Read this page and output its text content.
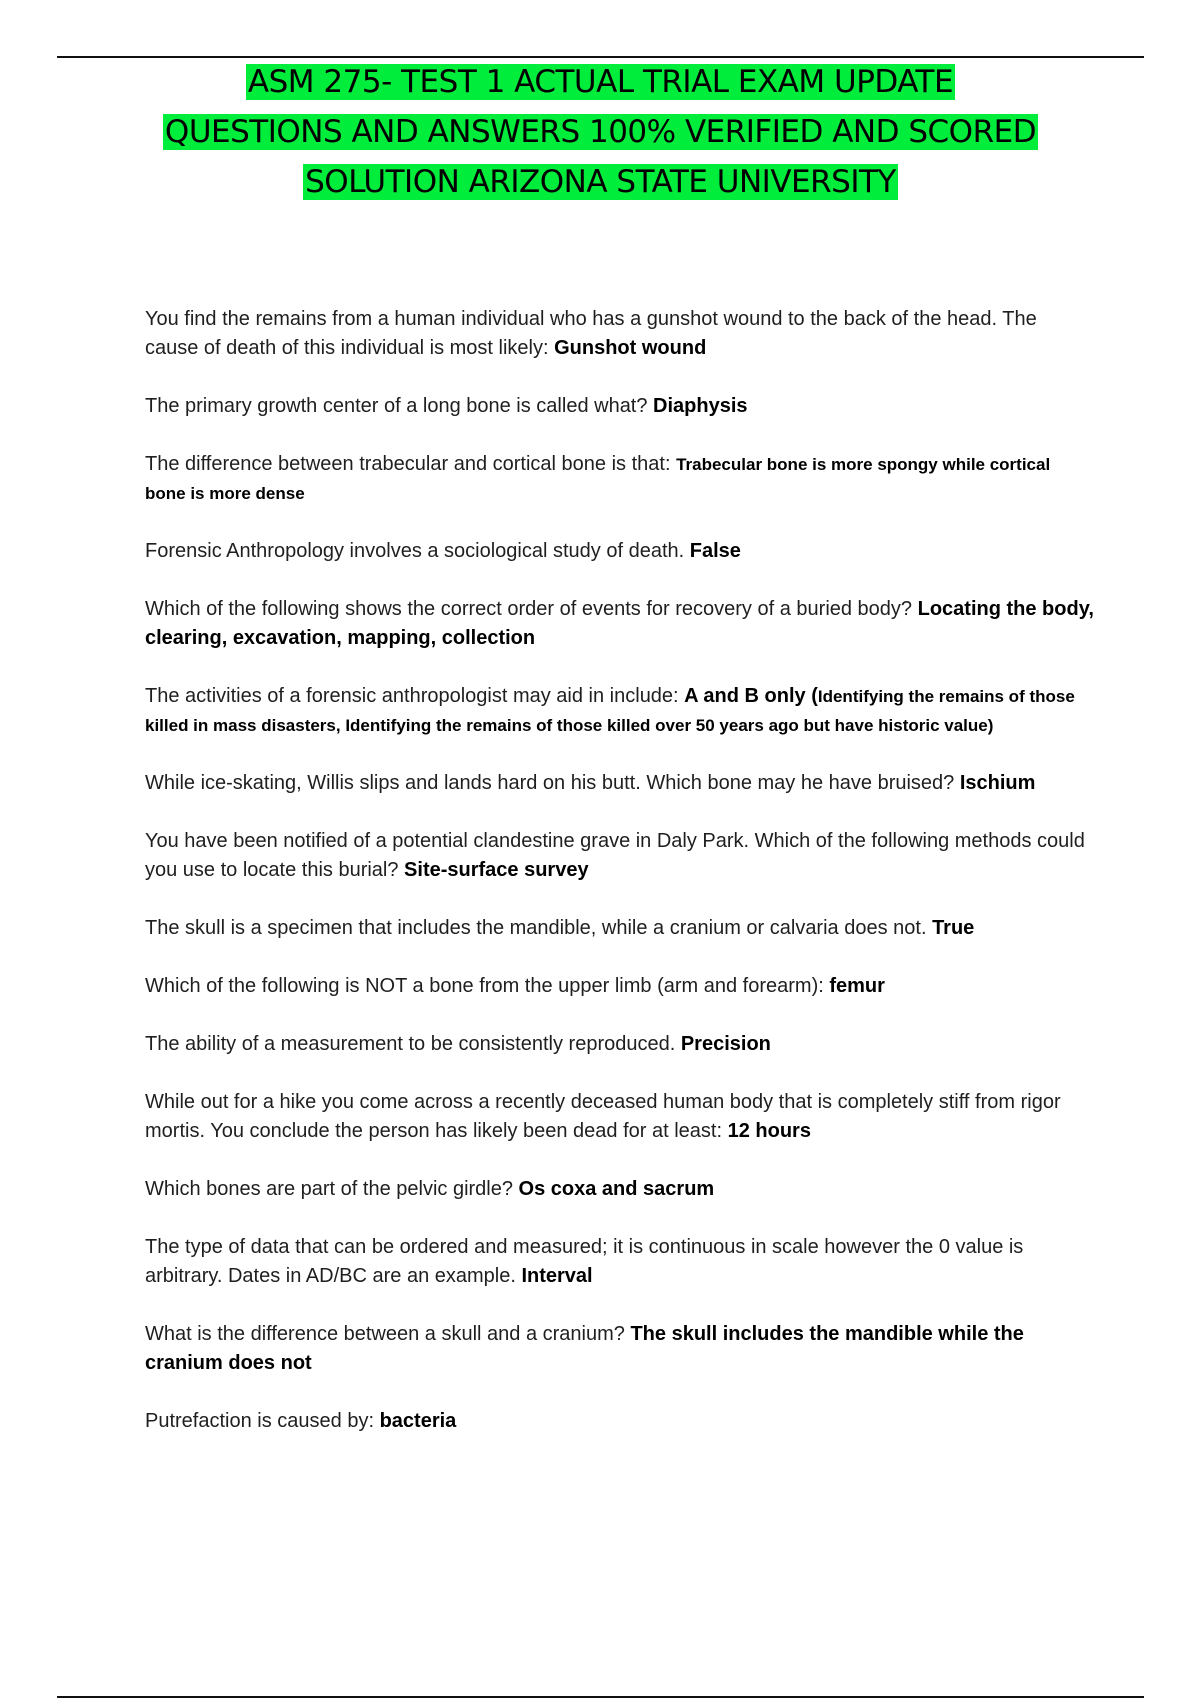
ASM 275- TEST 1 ACTUAL TRIAL EXAM UPDATE
QUESTIONS AND ANSWERS 100% VERIFIED AND SCORED
SOLUTION ARIZONA STATE UNIVERSITY
You find the remains from a human individual who has a gunshot wound to the back of the head. The cause of death of this individual is most likely: Gunshot wound
The primary growth center of a long bone is called what? Diaphysis
The difference between trabecular and cortical bone is that: Trabecular bone is more spongy while cortical bone is more dense
Forensic Anthropology involves a sociological study of death. False
Which of the following shows the correct order of events for recovery of a buried body? Locating the body, clearing, excavation, mapping, collection
The activities of a forensic anthropologist may aid in include: A and B only (Identifying the remains of those killed in mass disasters, Identifying the remains of those killed over 50 years ago but have historic value)
While ice-skating, Willis slips and lands hard on his butt. Which bone may he have bruised? Ischium
You have been notified of a potential clandestine grave in Daly Park. Which of the following methods could you use to locate this burial? Site-surface survey
The skull is a specimen that includes the mandible, while a cranium or calvaria does not. True
Which of the following is NOT a bone from the upper limb (arm and forearm): femur
The ability of a measurement to be consistently reproduced. Precision
While out for a hike you come across a recently deceased human body that is completely stiff from rigor mortis. You conclude the person has likely been dead for at least: 12 hours
Which bones are part of the pelvic girdle? Os coxa and sacrum
The type of data that can be ordered and measured; it is continuous in scale however the 0 value is arbitrary. Dates in AD/BC are an example. Interval
What is the difference between a skull and a cranium? The skull includes the mandible while the cranium does not
Putrefaction is caused by: bacteria
